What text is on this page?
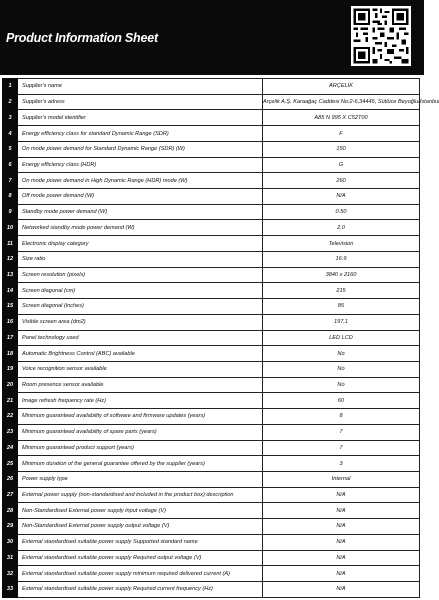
Product Information Sheet
1	Supplier's name	ARÇELİK
2	Supplier's adress	Arçelik A.Ş. Karaağaç Caddesi No:2-6,34445, Sütlüce Beyoğlu/İstanbul
3	Supplier's model identifier	A85 N 995 X C52T00
4	Energy efficiency class for standard Dynamic Range (SDR)	F
5	On mode power demand for Standard Dynamic Range (SDR) (W)	150
6	Energy efficiency class (HDR)	G
7	On mode power demand in High Dynamic Range (HDR) mode (W)	260
8	Off mode power demand (W)	N/A
9	Standby mode power demand (W)	0.50
10	Networked standby mode power demand (W)	2.0
11	Electronic display category	Television
12	Size ratio	16:9
13	Screen resolution (pixels)	3840 x 2160
14	Screen diagonal (cm)	215
15	Screen diagonal (inches)	85
16	Visible screen area (dm2)	197,1
17	Panel technology used	LED LCD
18	Automatic Brightness Control (ABC) available	No
19	Voice recognition sensor available	No
20	Room presence sensor available	No
21	Image refresh frequency rate (Hz)	60
22	Minimum guaranteed availability of software and firmware updates (years)	8
23	Minimum guaranteed availability of spare parts (years)	7
24	Minimum guaranteed product support (years)	7
25	Minimum duration of the general guarantee offered by the supplier (years)	3
26	Power supply type	Internal
27	External power supply (non-standardised and included in the product box) description	N/A
28	Non-Standardised External power supply input voltage (V)	N/A
29	Non-Standardised External power supply output voltage (V)	N/A
30	External standardised suitable power supply Supported standard name	N/A
31	External standardised suitable power supply Required output voltage (V)	N/A
32	External standardised suitable power supply minimum required delivered current (A)	N/A
33	External standardised suitable power supply Required current frequency (Hz)	N/A
